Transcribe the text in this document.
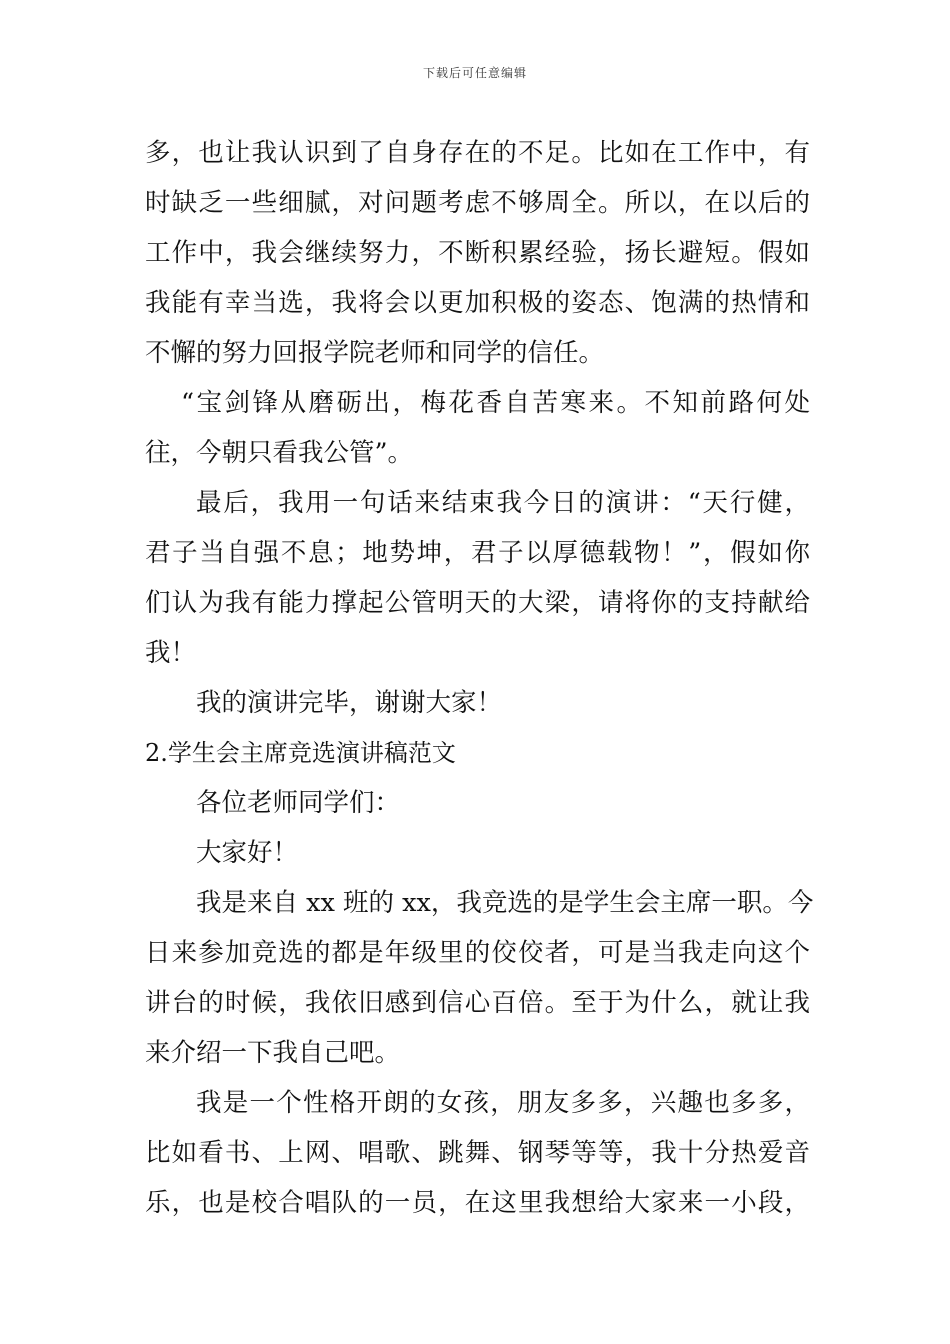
下载后可任意编辑
多，也让我认识到了自身存在的不足。比如在工作中，有
时缺乏一些细腻，对问题考虑不够周全。所以，在以后的
工作中，我会继续努力，不断积累经验，扬长避短。假如
我能有幸当选，我将会以更加积极的姿态、饱满的热情和
不懈的努力回报学院老师和同学的信任。
“宝剑锋从磨砺出，梅花香自苦寒来。不知前路何处
往，今朝只看我公管”。
最后，我用一句话来结束我今日的演讲：“天行健，
君子当自强不息；地势坤，君子以厚德载物！”，假如你
们认为我有能力撑起公管明天的大梁，请将你的支持献给
我！
我的演讲完毕，谢谢大家！
2.学生会主席竞选演讲稿范文
各位老师同学们：
大家好！
我是来自 xx 班的 xx，我竞选的是学生会主席一职。今
日来参加竞选的都是年级里的佼佼者，可是当我走向这个
讲台的时候，我依旧感到信心百倍。至于为什么，就让我
来介绍一下我自己吧。
我是一个性格开朗的女孩，朋友多多，兴趣也多多，
比如看书、上网、唱歌、跳舞、钢琴等等，我十分热爱音
乐，也是校合唱队的一员，在这里我想给大家来一小段，
